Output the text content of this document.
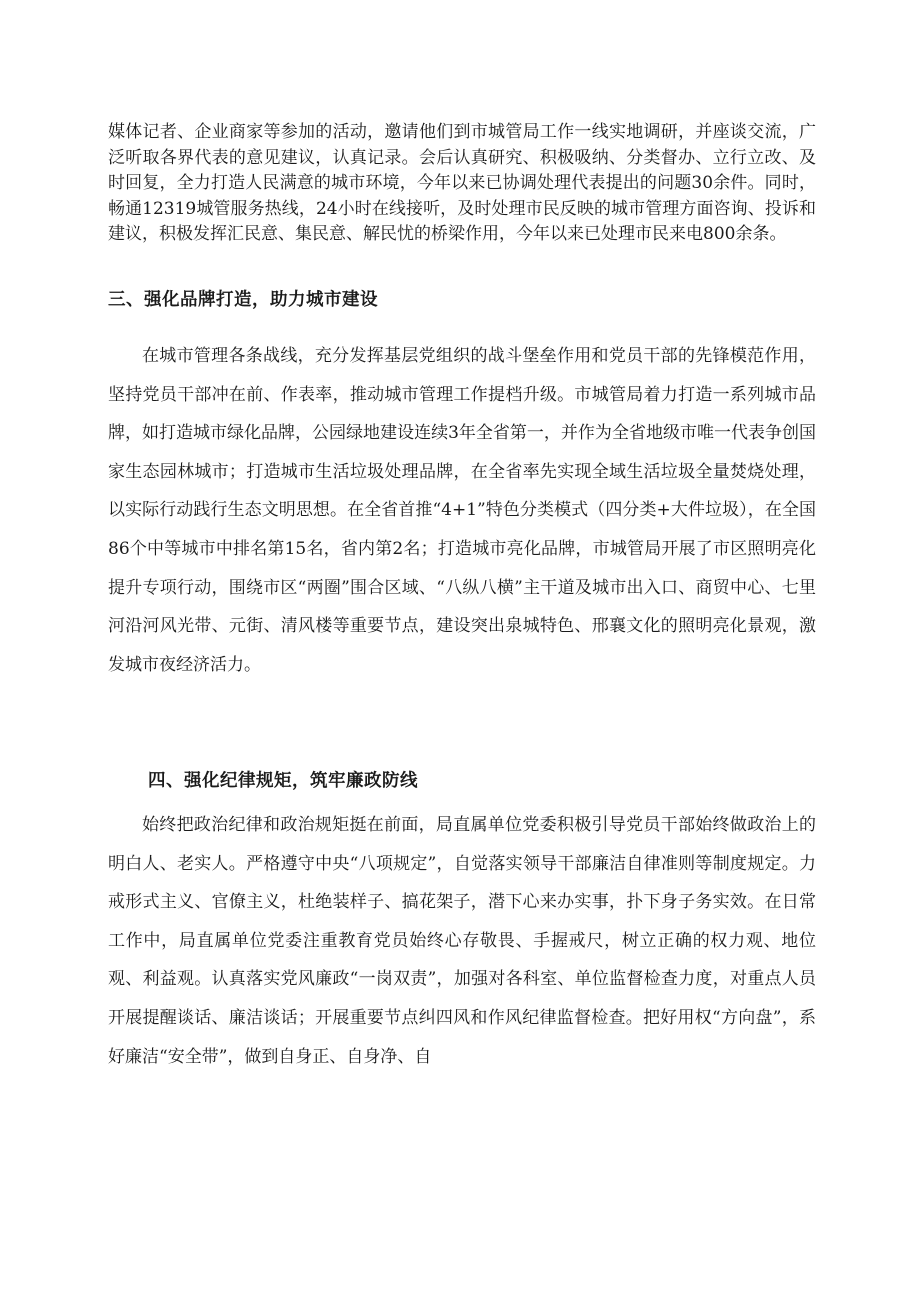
媒体记者、企业商家等参加的活动，邀请他们到市城管局工作一线实地调研，并座谈交流，广泛听取各界代表的意见建议，认真记录。会后认真研究、积极吸纳、分类督办、立行立改、及时回复，全力打造人民满意的城市环境，今年以来已协调处理代表提出的问题30余件。同时，畅通12319城管服务热线，24小时在线接听，及时处理市民反映的城市管理方面咨询、投诉和建议，积极发挥汇民意、集民意、解民忧的桥梁作用，今年以来已处理市民来电800余条。

三、强化品牌打造，助力城市建设

在城市管理各条战线，充分发挥基层党组织的战斗堡垒作用和党员干部的先锋模范作用，坚持党员干部冲在前、作表率，推动城市管理工作提档升级。市城管局着力打造一系列城市品牌，如打造城市绿化品牌，公园绿地建设连续3年全省第一，并作为全省地级市唯一代表争创国家生态园林城市；打造城市生活垃圾处理品牌，在全省率先实现全域生活垃圾全量焚烧处理，以实际行动践行生态文明思想。在全省首推“4+1”特色分类模式（四分类+大件垃圾），在全国86个中等城市中排名第15名，省内第2名；打造城市亮化品牌，市城管局开展了市区照明亮化提升专项行动，围绕市区“两圈”围合区域、“八纵八横”主干道及城市出入口、商贸中心、七里河沿河风光带、元街、清风楼等重要节点，建设突出泉城特色、邢襄文化的照明亮化景观，激发城市夜经济活力。

四、强化纪律规矩，筑牢廉政防线

始终把政治纪律和政治规矩挺在前面，局直属单位党委积极引导党员干部始终做政治上的明白人、老实人。严格遵守中央“八项规定”，自觉落实领导干部廉洁自律准则等制度规定。力戒形式主义、官僚主义，杜绝装样子、搞花架子，潜下心来办实事，扑下身子务实效。在日常工作中，局直属单位党委注重教育党员始终心存敬畏、手握戒尺，树立正确的权力观、地位观、利益观。认真落实党风廉政“一岗双责”，加强对各科室、单位监督检查力度，对重点人员开展提醒谈话、廉洁谈话；开展重要节点纠四风和作风纪律监督检查。把好用权“方向盘”，系好廉洁“安全带”，做到自身正、自身净、自
